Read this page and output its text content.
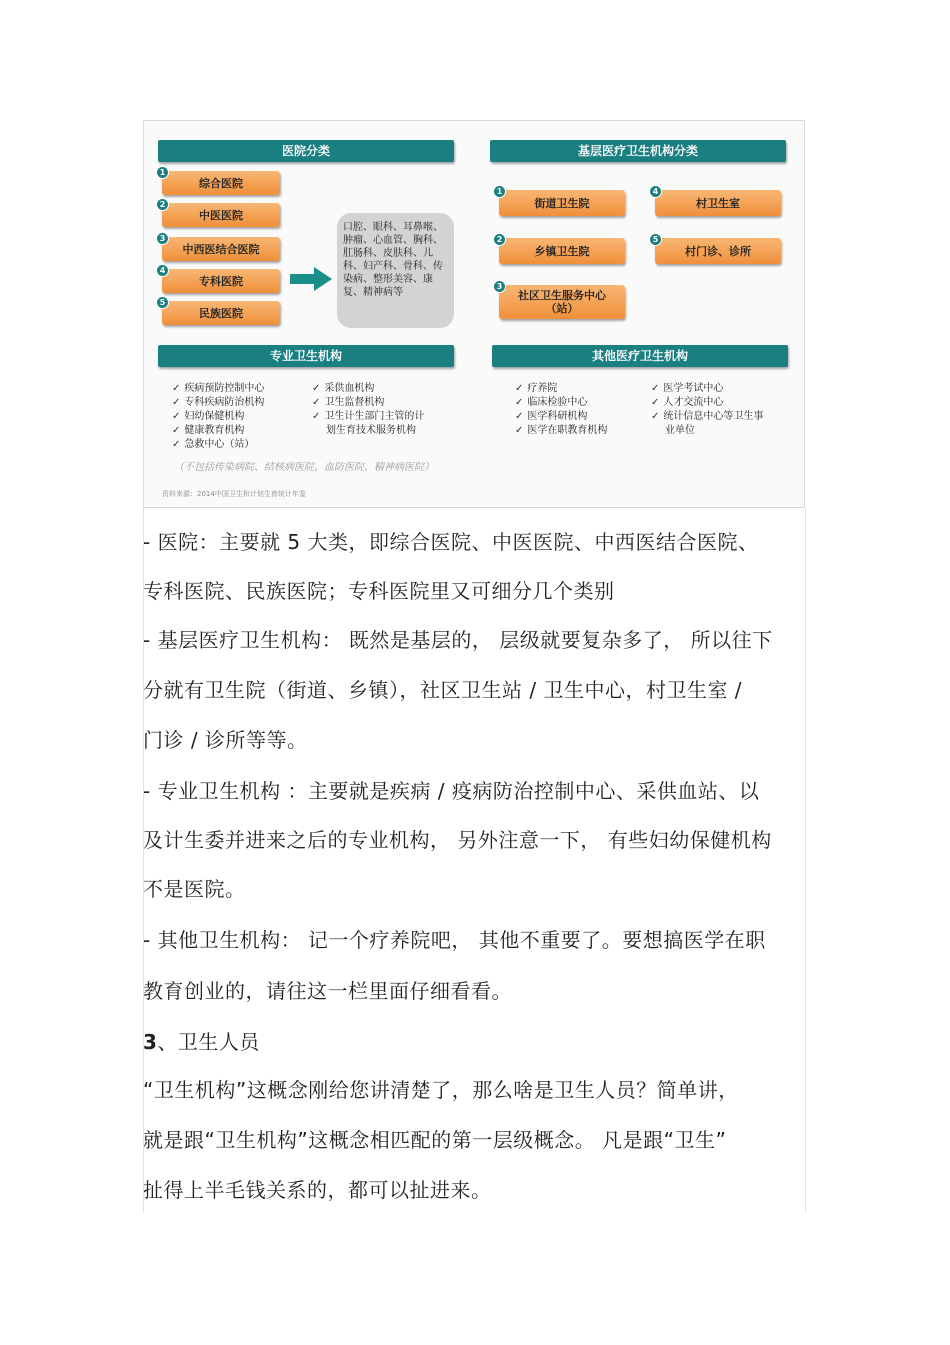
医院分类	基层医疗卫生机构分类
综合医院
1
中医医院
2
中西医结合医院
3
专科医院
4
民族医院
5
口腔、眼科、耳鼻喉、肿瘤、心血管、胸科、肛肠科、皮肤科、儿科、妇产科、骨科、传染病、整形美容、康复、精神病等
街道卫生院
1
乡镇卫生院
2
社区卫生服务中心（站）
3
村卫生室
4
村门诊、诊所
5
专业卫生机构	其他医疗卫生机构
✓ 疾病预防控制中心
✓ 专科疾病防治机构
✓ 妇幼保健机构
✓ 健康教育机构
✓ 急救中心（站）
✓ 采供血机构
✓ 卫生监督机构
✓ 卫生计生部门主管的计
划生育技术服务机构
✓ 疗养院
✓ 临床检验中心
✓ 医学科研机构
✓ 医学在职教育机构
✓ 医学考试中心
✓ 人才交流中心
✓ 统计信息中心等卫生事
业单位
（不包括传染病院、结核病医院、血防医院、精神病医院）
资料来源：2014中国卫生和计划生育统计年鉴
- 医院：主要就 5 大类，即综合医院、中医医院、中西医结合医院、
专科医院、民族医院；专科医院里又可细分几个类别
- 基层医疗卫生机构： 既然是基层的， 层级就要复杂多了， 所以往下
分就有卫生院（街道、乡镇），社区卫生站 / 卫生中心，村卫生室 /
门诊 / 诊所等等。
- 专业卫生机构 ：主要就是疾病 / 疫病防治控制中心、采供血站、以
及计生委并进来之后的专业机构， 另外注意一下， 有些妇幼保健机构
不是医院。
- 其他卫生机构： 记一个疗养院吧， 其他不重要了。要想搞医学在职
教育创业的，请往这一栏里面仔细看看。
3、卫生人员
“卫生机构”这概念刚给您讲清楚了，那么啥是卫生人员？简单讲，
就是跟“卫生机构”这概念相匹配的第一层级概念。 凡是跟“卫生”
扯得上半毛钱关系的，都可以扯进来。
